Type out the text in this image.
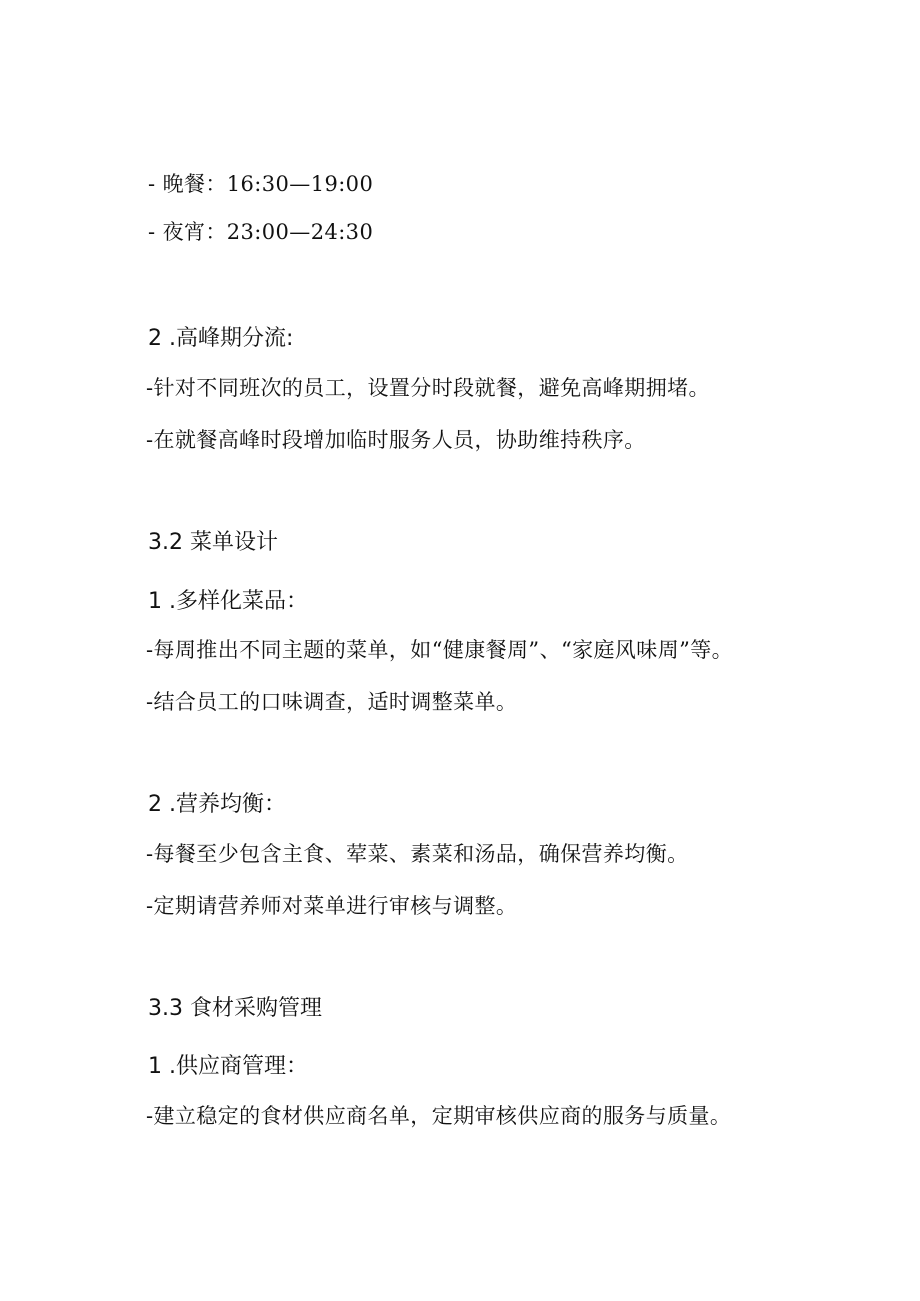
- 晚餐：16:30—19:00
- 夜宵：23:00—24:30
2 .高峰期分流:
-针对不同班次的员工，设置分时段就餐，避免高峰期拥堵。
-在就餐高峰时段增加临时服务人员，协助维持秩序。
3.2 菜单设计
1 .多样化菜品：
-每周推出不同主题的菜单，如“健康餐周”、“家庭风味周”等。
-结合员工的口味调查，适时调整菜单。
2 .营养均衡：
-每餐至少包含主食、荤菜、素菜和汤品，确保营养均衡。
-定期请营养师对菜单进行审核与调整。
3.3 食材采购管理
1 .供应商管理：
-建立稳定的食材供应商名单，定期审核供应商的服务与质量。
